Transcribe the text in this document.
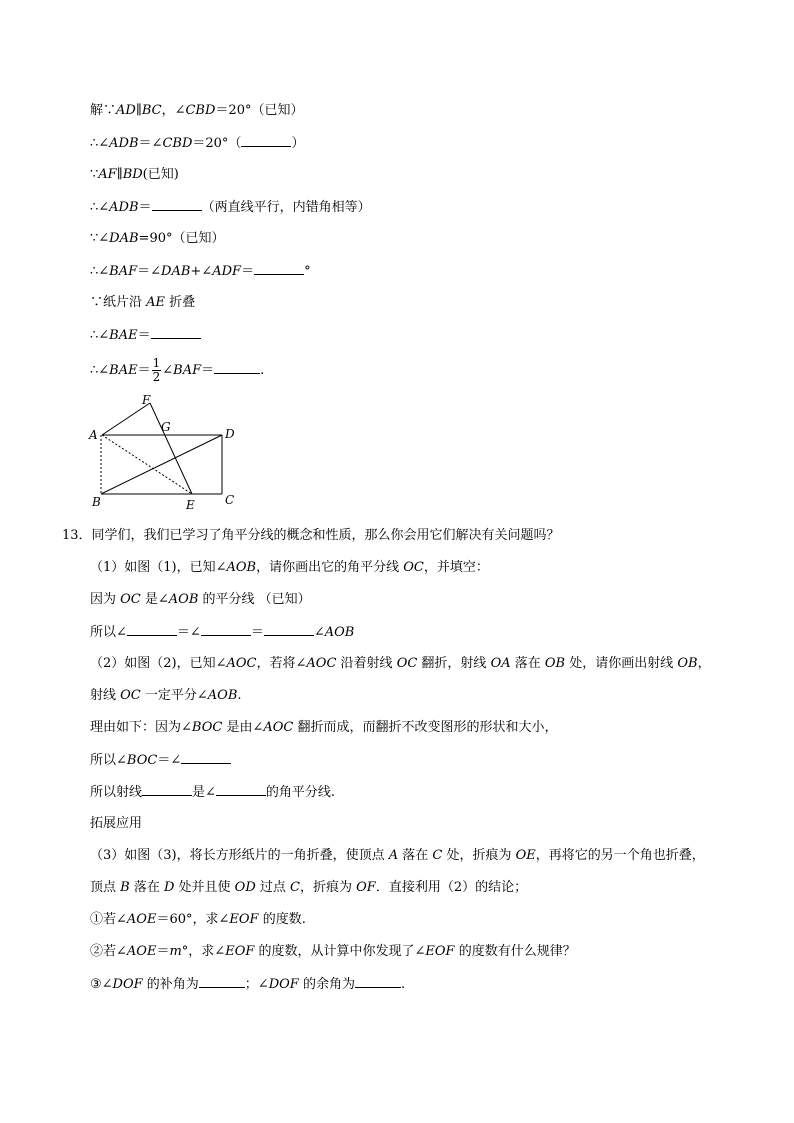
解∵AD∥BC，∠CBD＝20°（已知）
∴∠ADB＝∠CBD＝20°（	）
∵AF∥BD(已知)
∴∠ADB＝	（两直线平行，内错角相等）
∵∠DAB=90°（已知）
∴∠BAF＝∠DAB+∠ADF＝	°
∵纸片沿 AE 折叠
∴∠BAE＝
∴∠BAE＝ $\frac{1}{2}$ ∠BAF＝	.
F
G
A	D
B	E	C
13．同学们，我们已学习了角平分线的概念和性质，那么你会用它们解决有关问题吗？
（1）如图（1)，已知∠AOB，请你画出它的角平分线 OC，并填空：
因为 OC 是∠AOB 的平分线 （已知）
所以∠	＝∠	＝	∠AOB
（2）如图（2)，已知∠AOC，若将∠AOC 沿着射线 OC 翻折，射线 OA 落在 OB 处，请你画出射线 OB，
射线 OC 一定平分∠AOB.
理由如下：因为∠BOC 是由∠AOC 翻折而成，而翻折不改变图形的形状和大小，
所以∠BOC＝∠
所以射线	是∠	的角平分线.
拓展应用
（3）如图（3)，将长方形纸片的一角折叠，使顶点 A 落在 C 处，折痕为 OE，再将它的另一个角也折叠，
顶点 B 落在 D 处并且使 OD 过点 C，折痕为 OF．直接利用（2）的结论；
①若∠AOE＝60°，求∠EOF 的度数.
②若∠AOE＝m°，求∠EOF 的度数，从计算中你发现了∠EOF 的度数有什么规律？
③∠DOF 的补角为	；∠DOF 的余角为	.
